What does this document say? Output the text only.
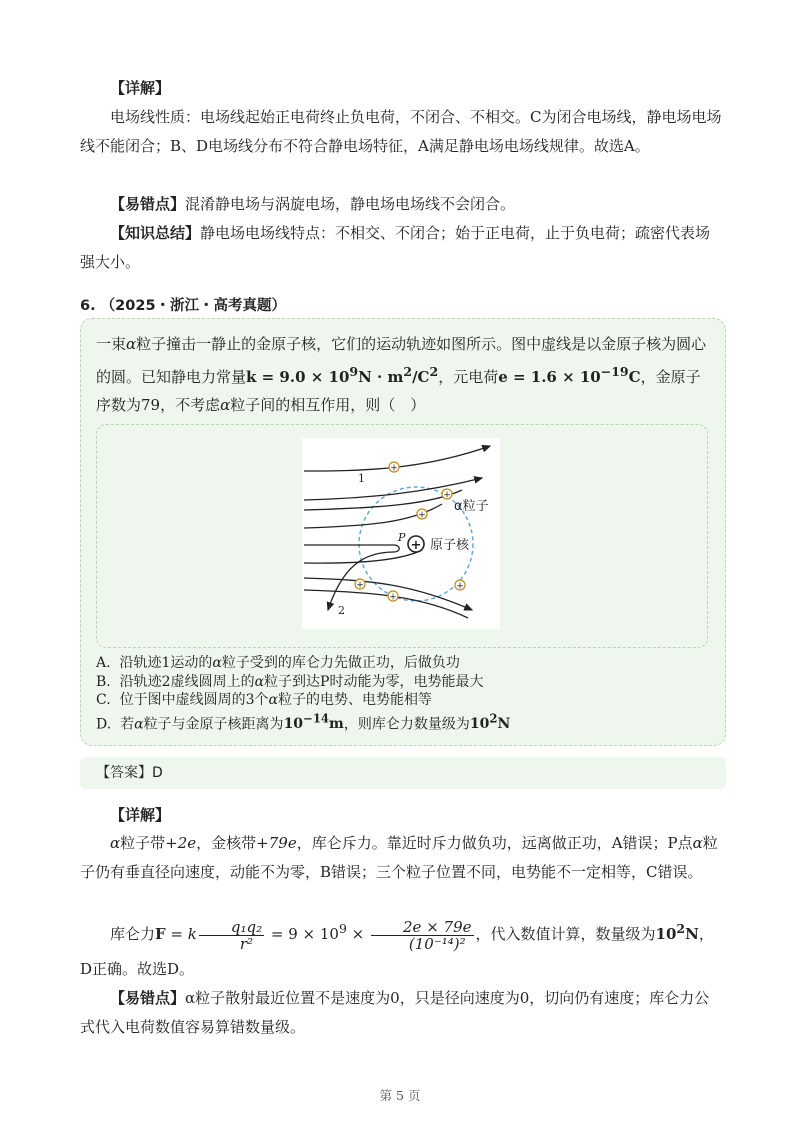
【详解】
电场线性质：电场线起始正电荷终止负电荷，不闭合、不相交。C为闭合电场线，静电场电场线不能闭合；B、D电场线分布不符合静电场特征，A满足静电场电场线规律。故选A。
【易错点】混淆静电场与涡旋电场，静电场电场线不会闭合。
【知识总结】静电场电场线特点：不相交、不闭合；始于正电荷，止于负电荷；疏密代表场强大小。
6. （2025・浙江・高考真题）
一束α粒子撞击一静止的金原子核，它们的运动轨迹如图所示。图中虚线是以金原子核为圆心的圆。已知静电力常量$k = 9.0 \times 10^9N \cdot m^2/C^2$，元电荷$e = 1.6 \times 10^{-19}C$，金原子序数为79，不考虑α粒子间的相互作用，则（　）
+
+
+
+
+
+
+
1
2
P
α粒子
原子核
A. 沿轨迹1运动的α粒子受到的库仑力先做正功，后做负功
B. 沿轨迹2虚线圆周上的α粒子到达P时动能为零，电势能最大
C. 位于图中虚线圆周的3个α粒子的电势、电势能相等
D. 若α粒子与金原子核距离为$10^{-14}m$，则库仑力数量级为$10^2N$
【答案】D
【详解】
α粒子带+2e，金核带+79e，库仑斥力。靠近时斥力做负功，远离做正功，A错误；P点α粒子仍有垂直径向速度，动能不为零，B错误；三个粒子位置不同，电势能不一定相等，C错误。
库仑力F = k $\frac{\text{q₁q₂}}{\text{r²}} = 9 \times 10^9 \times \frac{2e \times 79e}{\text{(10⁻¹⁴)²}}$ ，代入数值计算，数量级为$10^2N$，D正确。故选D。
【易错点】α粒子散射最近位置不是速度为0，只是径向速度为0，切向仍有速度；库仑力公式代入电荷数值容易算错数量级。
第 5 页
